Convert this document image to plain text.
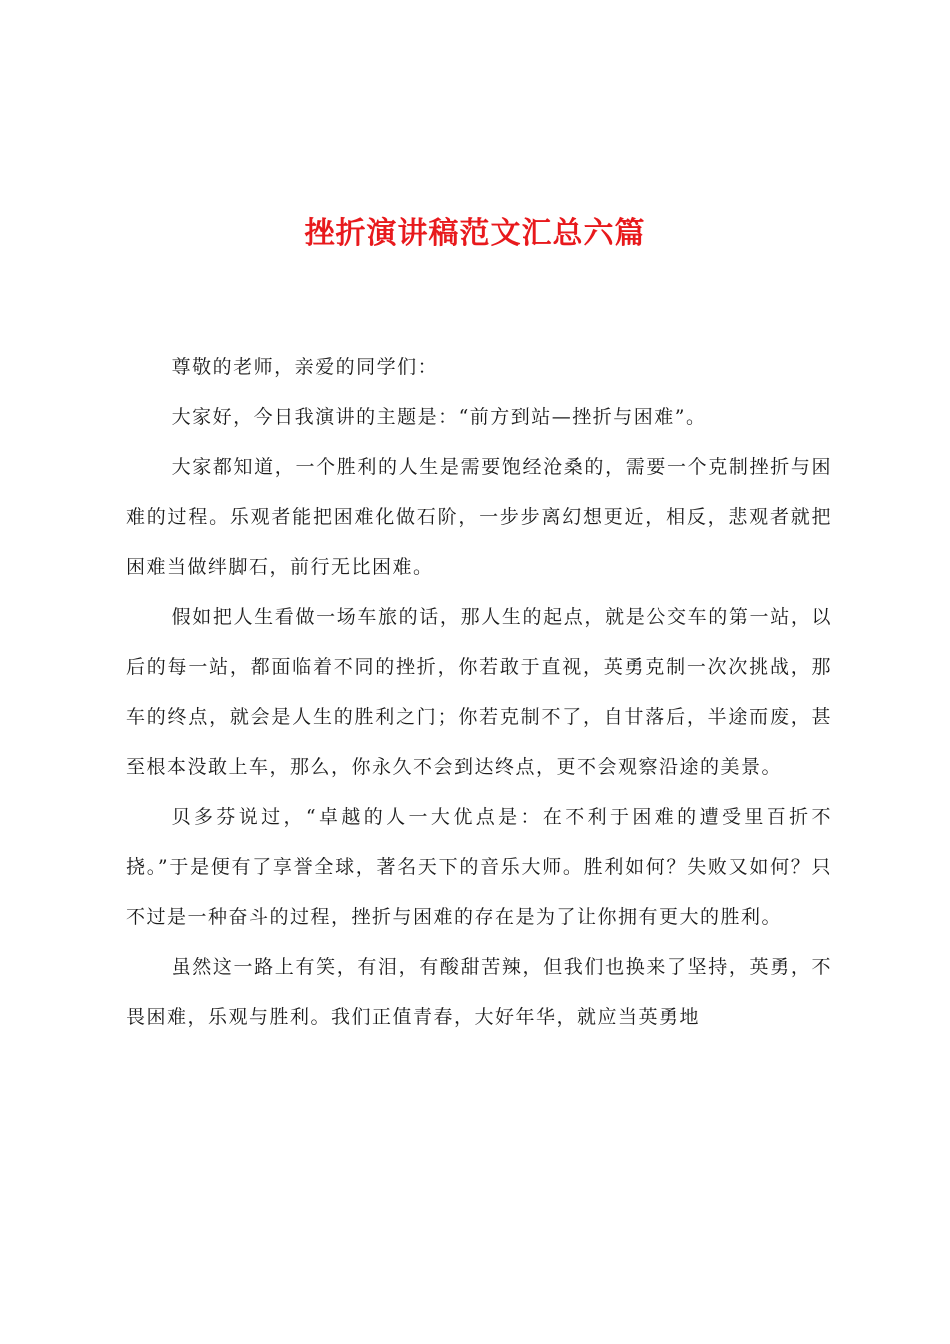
挫折演讲稿范文汇总六篇

尊敬的老师，亲爱的同学们：

大家好，今日我演讲的主题是：“前方到站—挫折与困难”。

大家都知道，一个胜利的人生是需要饱经沧桑的，需要一个克制挫折与困难的过程。乐观者能把困难化做石阶，一步步离幻想更近，相反，悲观者就把困难当做绊脚石，前行无比困难。

假如把人生看做一场车旅的话，那人生的起点，就是公交车的第一站，以后的每一站，都面临着不同的挫折，你若敢于直视，英勇克制一次次挑战，那车的终点，就会是人生的胜利之门；你若克制不了，自甘落后，半途而废，甚至根本没敢上车，那么，你永久不会到达终点，更不会观察沿途的美景。

贝多芬说过，“卓越的人一大优点是：在不利于困难的遭受里百折不挠。”于是便有了享誉全球，著名天下的音乐大师。胜利如何？失败又如何？只不过是一种奋斗的过程，挫折与困难的存在是为了让你拥有更大的胜利。

虽然这一路上有笑，有泪，有酸甜苦辣，但我们也换来了坚持，英勇，不畏困难，乐观与胜利。我们正值青春，大好年华，就应当英勇地
